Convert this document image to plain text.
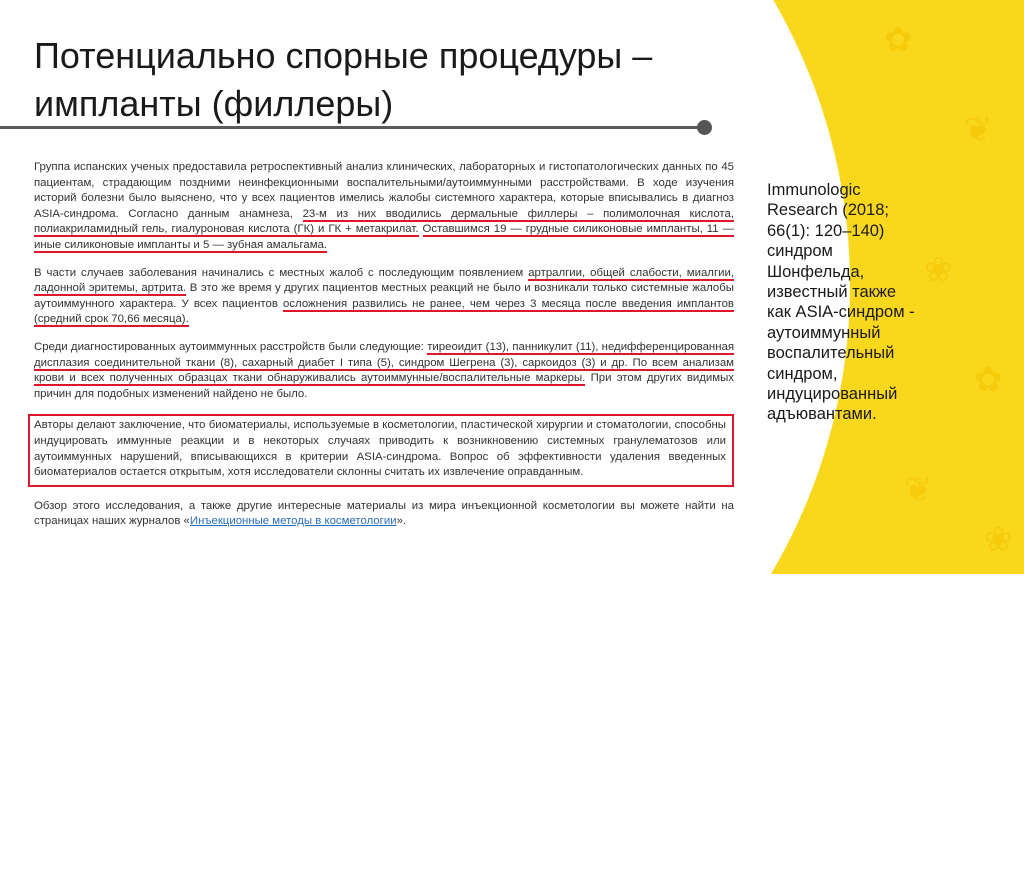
✿
❦
❀
✿
❦
❀
Потенциально спорные процедуры –
импланты (филлеры)

Группа испанских ученых предоставила ретроспективный анализ клинических, лабораторных и гистопатологических данных по 45 пациентам, страдающим поздними неинфекционными воспалительными/аутоиммунными расстройствами. В ходе изучения историй болезни было выяснено, что у всех пациентов имелись жалобы системного характера, которые вписывались в диагноз ASIA-синдрома. Согласно данным анамнеза, 23-м из них вводились дермальные филлеры – полимолочная кислота, полиакриламидный гель, гиалуроновая кислота (ГК) и ГК + метакрилат. Оставшимся 19 — грудные силиконовые импланты, 11 — иные силиконовые импланты и 5 — зубная амальгама.

В части случаев заболевания начинались с местных жалоб с последующим появлением артралгии, общей слабости, миалгии, ладонной эритемы, артрита. В это же время у других пациентов местных реакций не было и возникали только системные жалобы аутоиммунного характера. У всех пациентов осложнения развились не ранее, чем через 3 месяца после введения имплантов (средний срок 70,66 месяца).

Среди диагностированных аутоиммунных расстройств были следующие: тиреоидит (13), панникулит (11), недифференцированная дисплазия соединительной ткани (8), сахарный диабет I типа (5), синдром Шегрена (3), саркоидоз (3) и др. По всем анализам крови и всех полученных образцах ткани обнаруживались аутоиммунные/воспалительные маркеры. При этом других видимых причин для подобных изменений найдено не было.

Авторы делают заключение, что биоматериалы, используемые в косметологии, пластической хирургии и стоматологии, способны индуцировать иммунные реакции и в некоторых случаях приводить к возникновению системных гранулематозов или аутоиммунных нарушений, вписывающихся в критерии ASIA-синдрома. Вопрос об эффективности удаления введенных биоматериалов остается открытым, хотя исследователи склонны считать их извлечение оправданным.

Обзор этого исследования, а также другие интересные материалы из мира инъекционной косметологии вы можете найти на страницах наших журналов «Инъекционные методы в косметологии».

Immunologic
Research (2018;
66(1): 120–140)
синдром
Шонфельда,
известный также
как ASIA-синдром -
аутоиммунный
воспалительный
синдром,
индуцированный
адъювантами.
